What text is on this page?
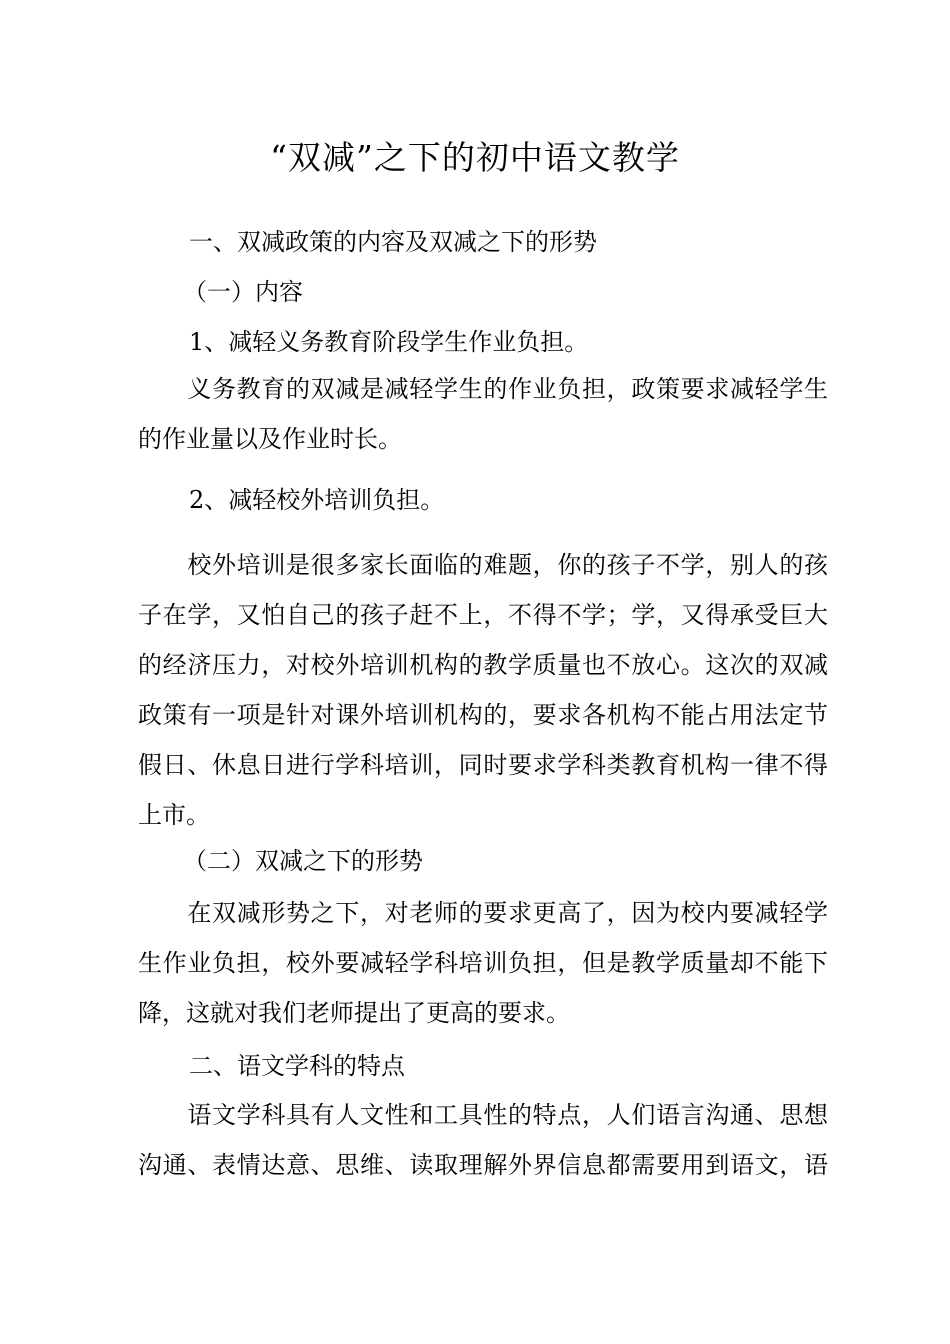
“双减”之下的初中语文教学

一、双减政策的内容及双减之下的形势

（一）内容

1、减轻义务教育阶段学生作业负担。

　　义务教育的双减是减轻学生的作业负担，政策要求减轻学生
的作业量以及作业时长。

2、减轻校外培训负担。

　　校外培训是很多家长面临的难题，你的孩子不学，别人的孩
子在学，又怕自己的孩子赶不上，不得不学；学，又得承受巨大
的经济压力，对校外培训机构的教学质量也不放心。这次的双减
政策有一项是针对课外培训机构的，要求各机构不能占用法定节
假日、休息日进行学科培训，同时要求学科类教育机构一律不得
上市。

（二）双减之下的形势

　　在双减形势之下，对老师的要求更高了，因为校内要减轻学
生作业负担，校外要减轻学科培训负担，但是教学质量却不能下
降，这就对我们老师提出了更高的要求。

二、语文学科的特点

　　语文学科具有人文性和工具性的特点，人们语言沟通、思想
沟通、表情达意、思维、读取理解外界信息都需要用到语文，语
